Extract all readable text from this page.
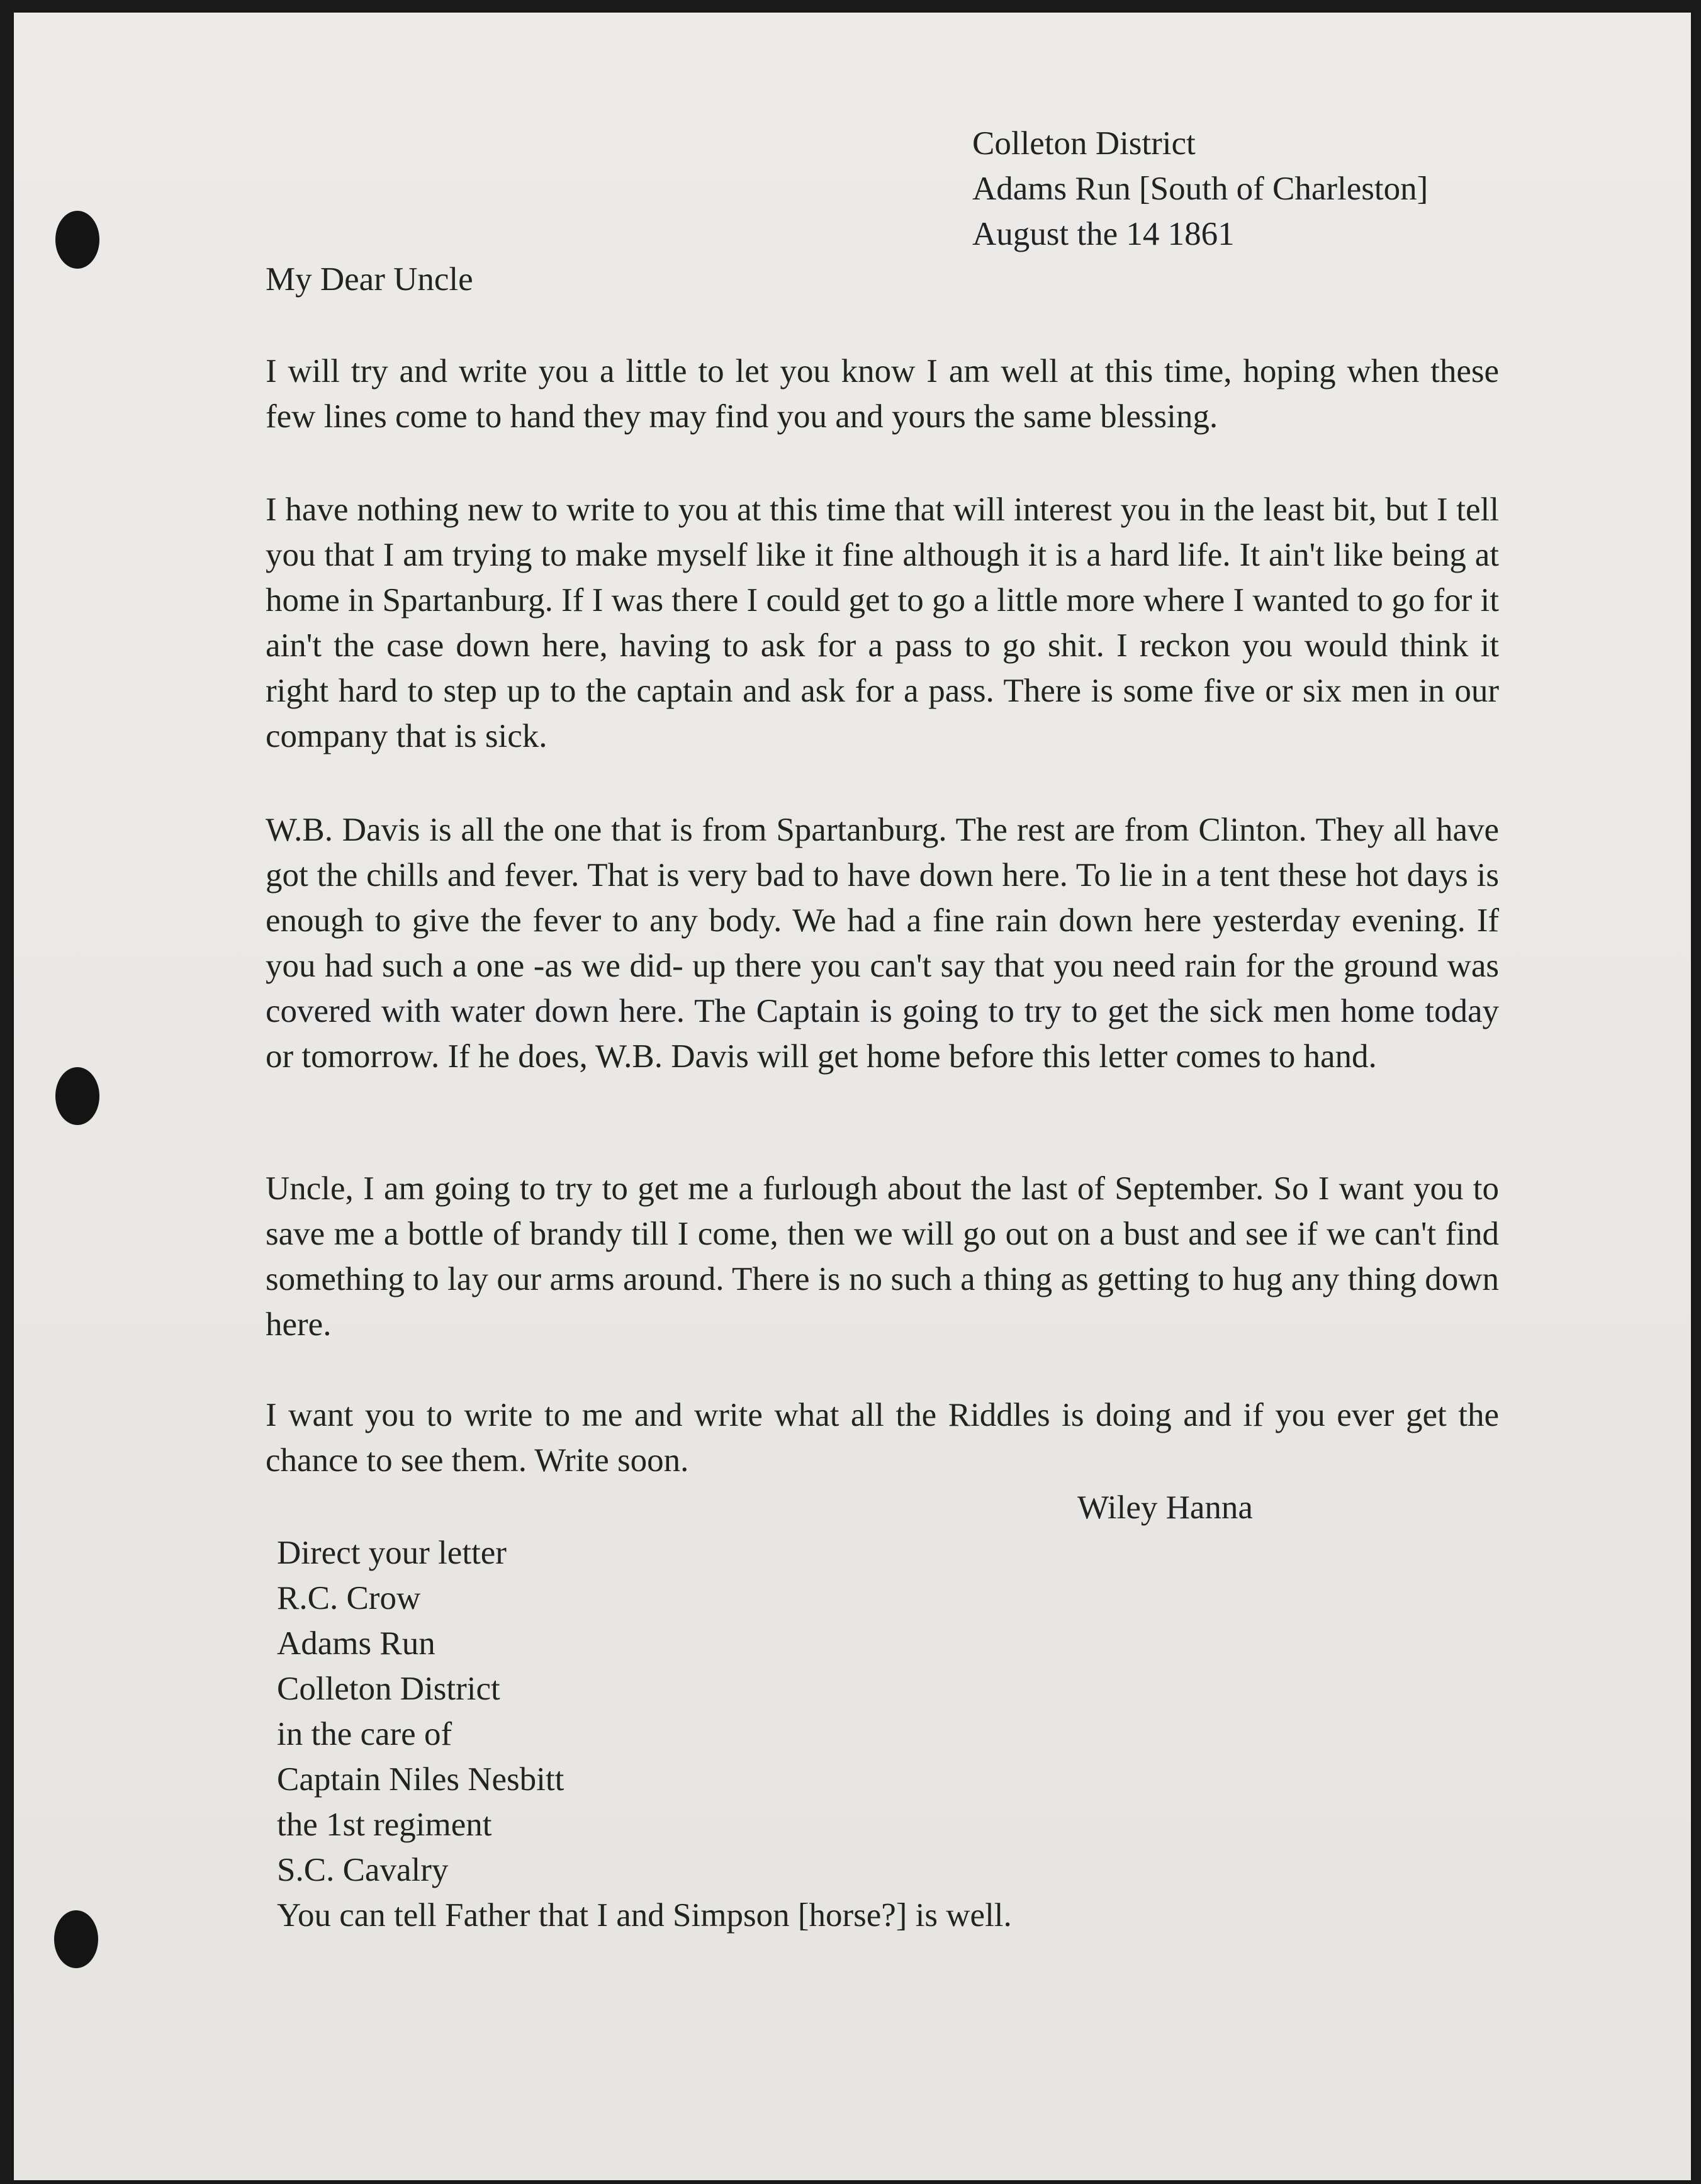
Colleton District
Adams Run [South of Charleston]
August the 14 1861
My Dear Uncle
I will try and write you a little to let you know I am well at this time, hoping when these few lines come to hand they may find you and yours the same blessing.
I have nothing new to write to you at this time that will interest you in the least bit, but I tell you that I am trying to make myself like it fine although it is a hard life. It ain't like being at home in Spartanburg. If I was there I could get to go a little more where I wanted to go for it ain't the case down here, having to ask for a pass to go shit. I reckon you would think it right hard to step up to the captain and ask for a pass. There is some five or six men in our company that is sick.
W.B. Davis is all the one that is from Spartanburg. The rest are from Clinton. They all have got the chills and fever. That is very bad to have down here. To lie in a tent these hot days is enough to give the fever to any body. We had a fine rain down here yesterday evening. If you had such a one -as we did- up there you can't say that you need rain for the ground was covered with water down here. The Captain is going to try to get the sick men home today or tomorrow. If he does, W.B. Davis will get home before this letter comes to hand.
Uncle, I am going to try to get me a furlough about the last of September. So I want you to save me a bottle of brandy till I come, then we will go out on a bust and see if we can't find something to lay our arms around. There is no such a thing as getting to hug any thing down here.
I want you to write to me and write what all the Riddles is doing and if you ever get the chance to see them. Write soon.
Wiley Hanna
Direct your letter
R.C. Crow
Adams Run
Colleton District
in the care of
Captain Niles Nesbitt
the 1st regiment
S.C. Cavalry
You can tell Father that I and Simpson [horse?] is well.
